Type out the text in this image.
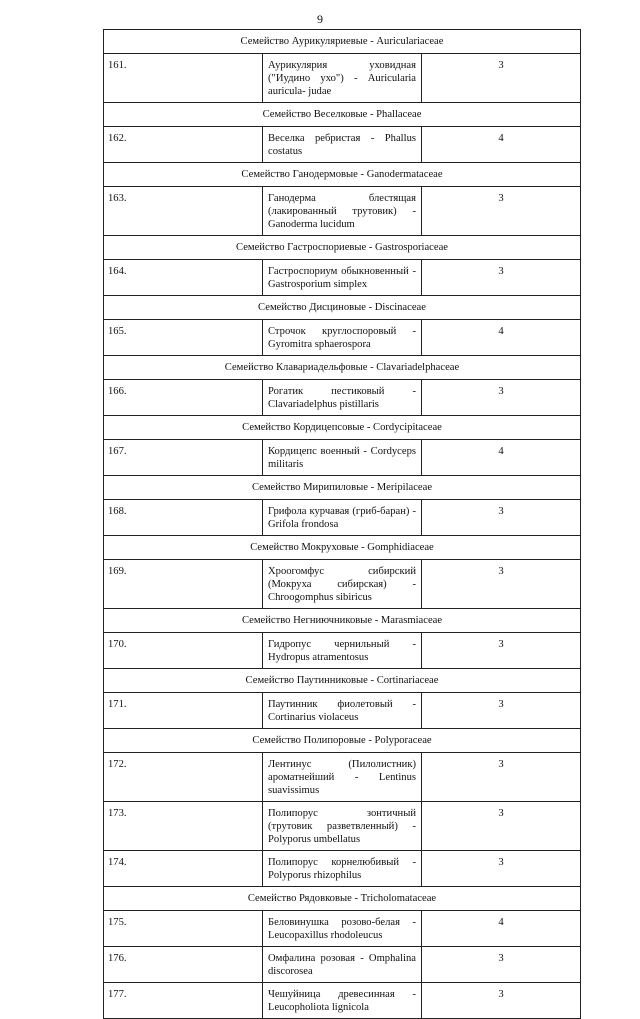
9
Семейство Аурикуляриевые - Auriculariaceae		
161.	Аурикулярия уховидная ("Иудино ухо") - Auricularia auricula- judae	3
Семейство Веселковые - Phallaceae		
162.	Веселка ребристая - Phallus costatus	4
Семейство Ганодермовые - Ganodermataceae		
163.	Ганодерма блестящая (лакированный трутовик) - Ganoderma lucidum	3
Семейство Гастроспориевые - Gastrosporiaceae		
164.	Гастроспориум обыкновенный - Gastrosporium simplex	3
Семейство Дисциновые - Discinaceae		
165.	Строчок круглоспоровый - Gyromitra sphaerospora	4
Семейство Клавариадельфовые - Clavariadelphaceae		
166.	Рогатик пестиковый - Clavariadelphus pistillaris	3
Семейство Кордицепсовые - Cordycipitaceae		
167.	Кордицепс военный - Cordyceps militaris	4
Семейство Мирипиловые - Meripilaceae		
168.	Грифола курчавая (гриб-баран) - Grifola frondosa	3
Семейство Мокруховые - Gomphidiaceae		
169.	Хроогомфус сибирский (Мокруха сибирская) - Chroogomphus sibiricus	3
Семейство Негниючниковые - Marasmiaceae		
170.	Гидропус чернильный - Hydropus atramentosus	3
Семейство Паутинниковые - Cortinariaceae		
171.	Паутинник фиолетовый - Cortinarius violaceus	3
Семейство Полипоровые - Polyporaceae		
172.	Лентинус (Пилолистник) ароматнейший - Lentinus suavissimus	3
173.	Полипорус зонтичный (трутовик разветвленный) - Polyporus umbellatus	3
174.	Полипорус корнелюбивый - Polyporus rhizophilus	3
Семейство Рядовковые - Tricholomataceae		
175.	Беловинушка розово-белая - Leucopaxillus rhodoleucus	4
176.	Омфалина розовая - Omphalina discorosea	3
177.	Чешуйница древесинная - Leucopholiota lignicola	3
